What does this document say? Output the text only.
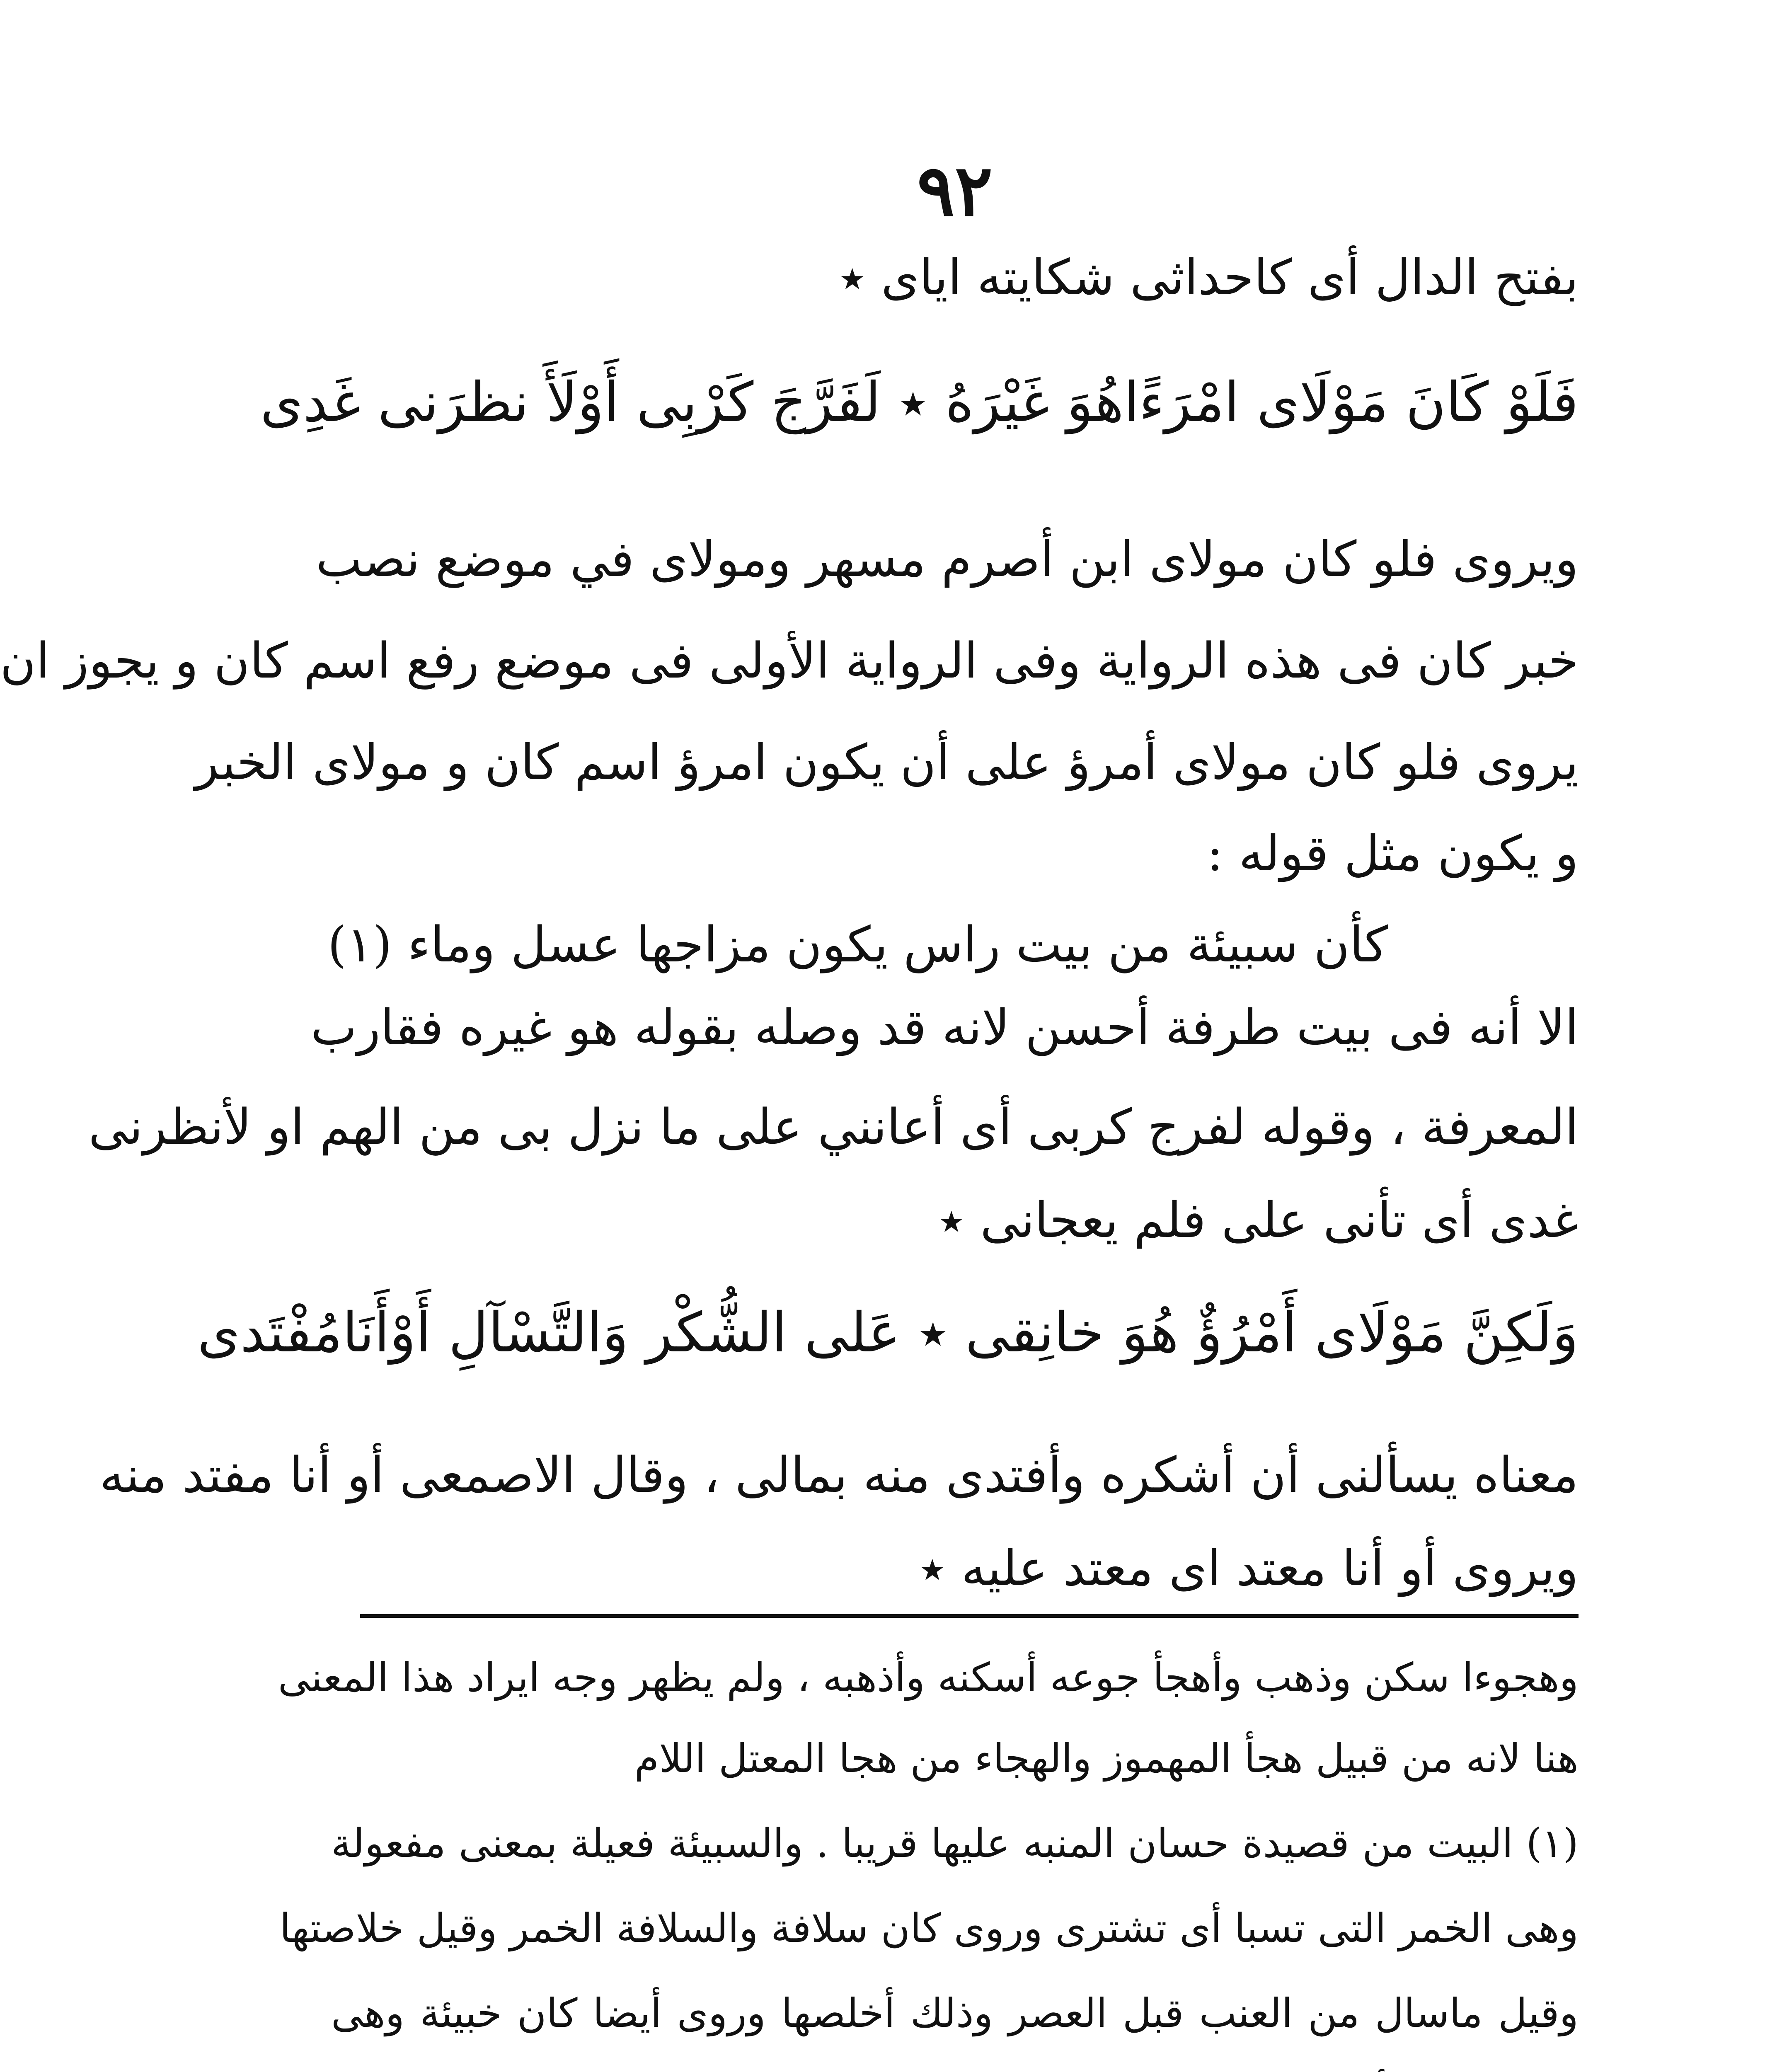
٩٢
بفتح الدال أى كاحداثى شكايته اياى ٭
فَلَوْ كَانَ مَوْلَاى امْرَءًاهُوَ غَيْرَهُ ٭ لَفَرَّجَ كَرْبِى أَوْلَأَ نظرَنى غَدِى
ويروى فلو كان مولاى ابن أصرم مسهر ومولاى في موضع نصب
خبر كان فى هذه الرواية وفى الرواية الأولى فى موضع رفع اسم كان و يجوز ان
يروى فلو كان مولاى أمرؤ على أن يكون امرؤ اسم كان و مولاى الخبر
و يكون مثل قوله :
كأن سبيئة من بيت راس يكون مزاجها عسل وماء (١)
الا أنه فى بيت طرفة أحسن لانه قد وصله بقوله هو غيره فقارب
المعرفة ، وقوله لفرج كربى أى أعانني على ما نزل بى من الهم او لأنظرنى
غدى أى تأنى على فلم يعجانى ٭
وَلَكِنَّ مَوْلَاى أَمْرُؤٌ هُوَ خانِقى ٭ عَلى الشُّكْر وَالتَّسْآلِ أَوْأَنَامُفْتَدى
معناه يسألنى أن أشكره وأفتدى منه بمالى ، وقال الاصمعى أو أنا مفتد منه
ويروى أو أنا معتد اى معتد عليه ٭
وهجوءا سكن وذهب وأهجأ جوعه أسكنه وأذهبه ، ولم يظهر وجه ايراد هذا المعنى
هنا لانه من قبيل هجأ المهموز والهجاء من هجا المعتل اللام
(١) البيت من قصيدة حسان المنبه عليها قريبا . والسبيئة فعيلة بمعنى مفعولة
وهى الخمر التى تسبا أى تشترى وروى كان سلافة والسلافة الخمر وقيل خلاصتها
وقيل ماسال من العنب قبل العصر وذلك أخلصها وروى أيضا كان خبيئة وهى
